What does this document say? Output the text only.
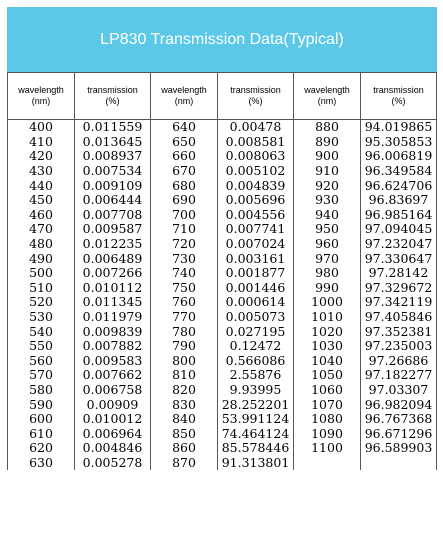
LP830 Transmission Data(Typical)
wavelength
(nm)	transmission
(%)	wavelength
(nm)	transmission
(%)	wavelength
(nm)	transmission
(%)

400	0.011559	640	0.00478	880	94.019865
410	0.013645	650	0.008581	890	95.305853
420	0.008937	660	0.008063	900	96.006819
430	0.007534	670	0.005102	910	96.349584
440	0.009109	680	0.004839	920	96.624706
450	0.006444	690	0.005696	930	96.83697
460	0.007708	700	0.004556	940	96.985164
470	0.009587	710	0.007741	950	97.094045
480	0.012235	720	0.007024	960	97.232047
490	0.006489	730	0.003161	970	97.330647
500	0.007266	740	0.001877	980	97.28142
510	0.010112	750	0.001446	990	97.329672
520	0.011345	760	0.000614	1000	97.342119
530	0.011979	770	0.005073	1010	97.405846
540	0.009839	780	0.027195	1020	97.352381
550	0.007882	790	0.12472	1030	97.235003
560	0.009583	800	0.566086	1040	97.26686
570	0.007662	810	2.55876	1050	97.182277
580	0.006758	820	9.93995	1060	97.03307
590	0.00909	830	28.252201	1070	96.982094
600	0.010012	840	53.991124	1080	96.767368
610	0.006964	850	74.464124	1090	96.671296
620	0.004846	860	85.578446	1100	96.589903
630	0.005278	870	91.313801		
